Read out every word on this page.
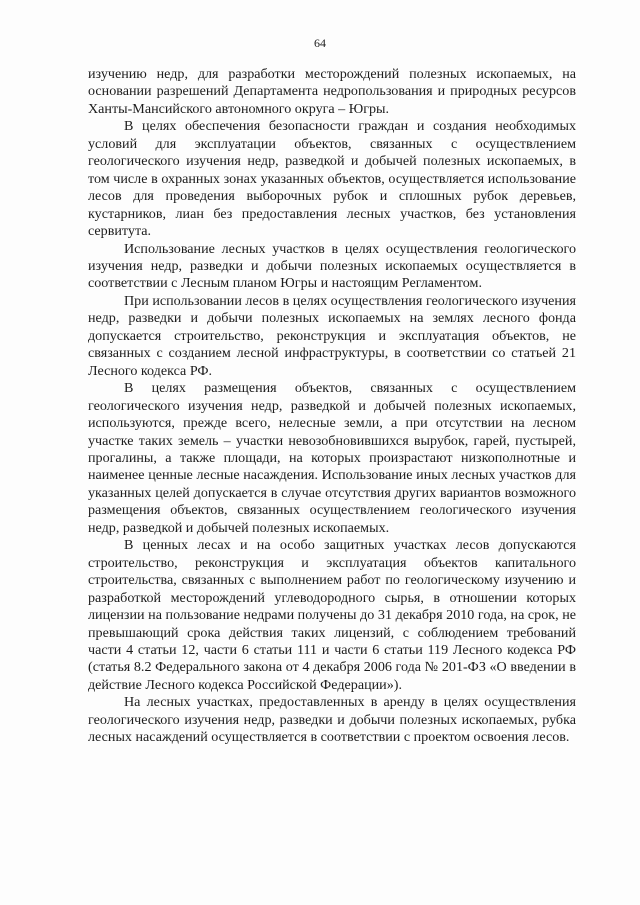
64

изучению недр, для разработки месторождений полезных ископаемых, на основании разрешений Департамента недропользования и природных ресурсов Ханты-Мансийского автономного округа – Югры.

В целях обеспечения безопасности граждан и создания необходимых условий для эксплуатации объектов, связанных с осуществлением геологического изучения недр, разведкой и добычей полезных ископаемых, в том числе в охранных зонах указанных объектов, осуществляется использование лесов для проведения выборочных рубок и сплошных рубок деревьев, кустарников, лиан без предоставления лесных участков, без установления сервитута.

Использование лесных участков в целях осуществления геологического изучения недр, разведки и добычи полезных ископаемых осуществляется в соответствии с Лесным планом Югры и настоящим Регламентом.

При использовании лесов в целях осуществления геологического изучения недр, разведки и добычи полезных ископаемых на землях лесного фонда допускается строительство, реконструкция и эксплуатация объектов, не связанных с созданием лесной инфраструктуры, в соответствии со статьей 21 Лесного кодекса РФ.

В целях размещения объектов, связанных с осуществлением геологического изучения недр, разведкой и добычей полезных ископаемых, используются, прежде всего, нелесные земли, а при отсутствии на лесном участке таких земель – участки невозобновившихся вырубок, гарей, пустырей, прогалины, а также площади, на которых произрастают низкополнотные и наименее ценные лесные насаждения. Использование иных лесных участков для указанных целей допускается в случае отсутствия других вариантов возможного размещения объектов, связанных осуществлением геологического изучения недр, разведкой и добычей полезных ископаемых.

В ценных лесах и на особо защитных участках лесов допускаются строительство, реконструкция и эксплуатация объектов капитального строительства, связанных с выполнением работ по геологическому изучению и разработкой месторождений углеводородного сырья, в отношении которых лицензии на пользование недрами получены до 31 декабря 2010 года, на срок, не превышающий срока действия таких лицензий, с соблюдением требований части 4 статьи 12, части 6 статьи 111 и части 6 статьи 119 Лесного кодекса РФ (статья 8.2 Федерального закона от 4 декабря 2006 года № 201-ФЗ «О введении в действие Лесного кодекса Российской Федерации»).

На лесных участках, предоставленных в аренду в целях осуществления геологического изучения недр, разведки и добычи полезных ископаемых, рубка лесных насаждений осуществляется в соответствии с проектом освоения лесов.
